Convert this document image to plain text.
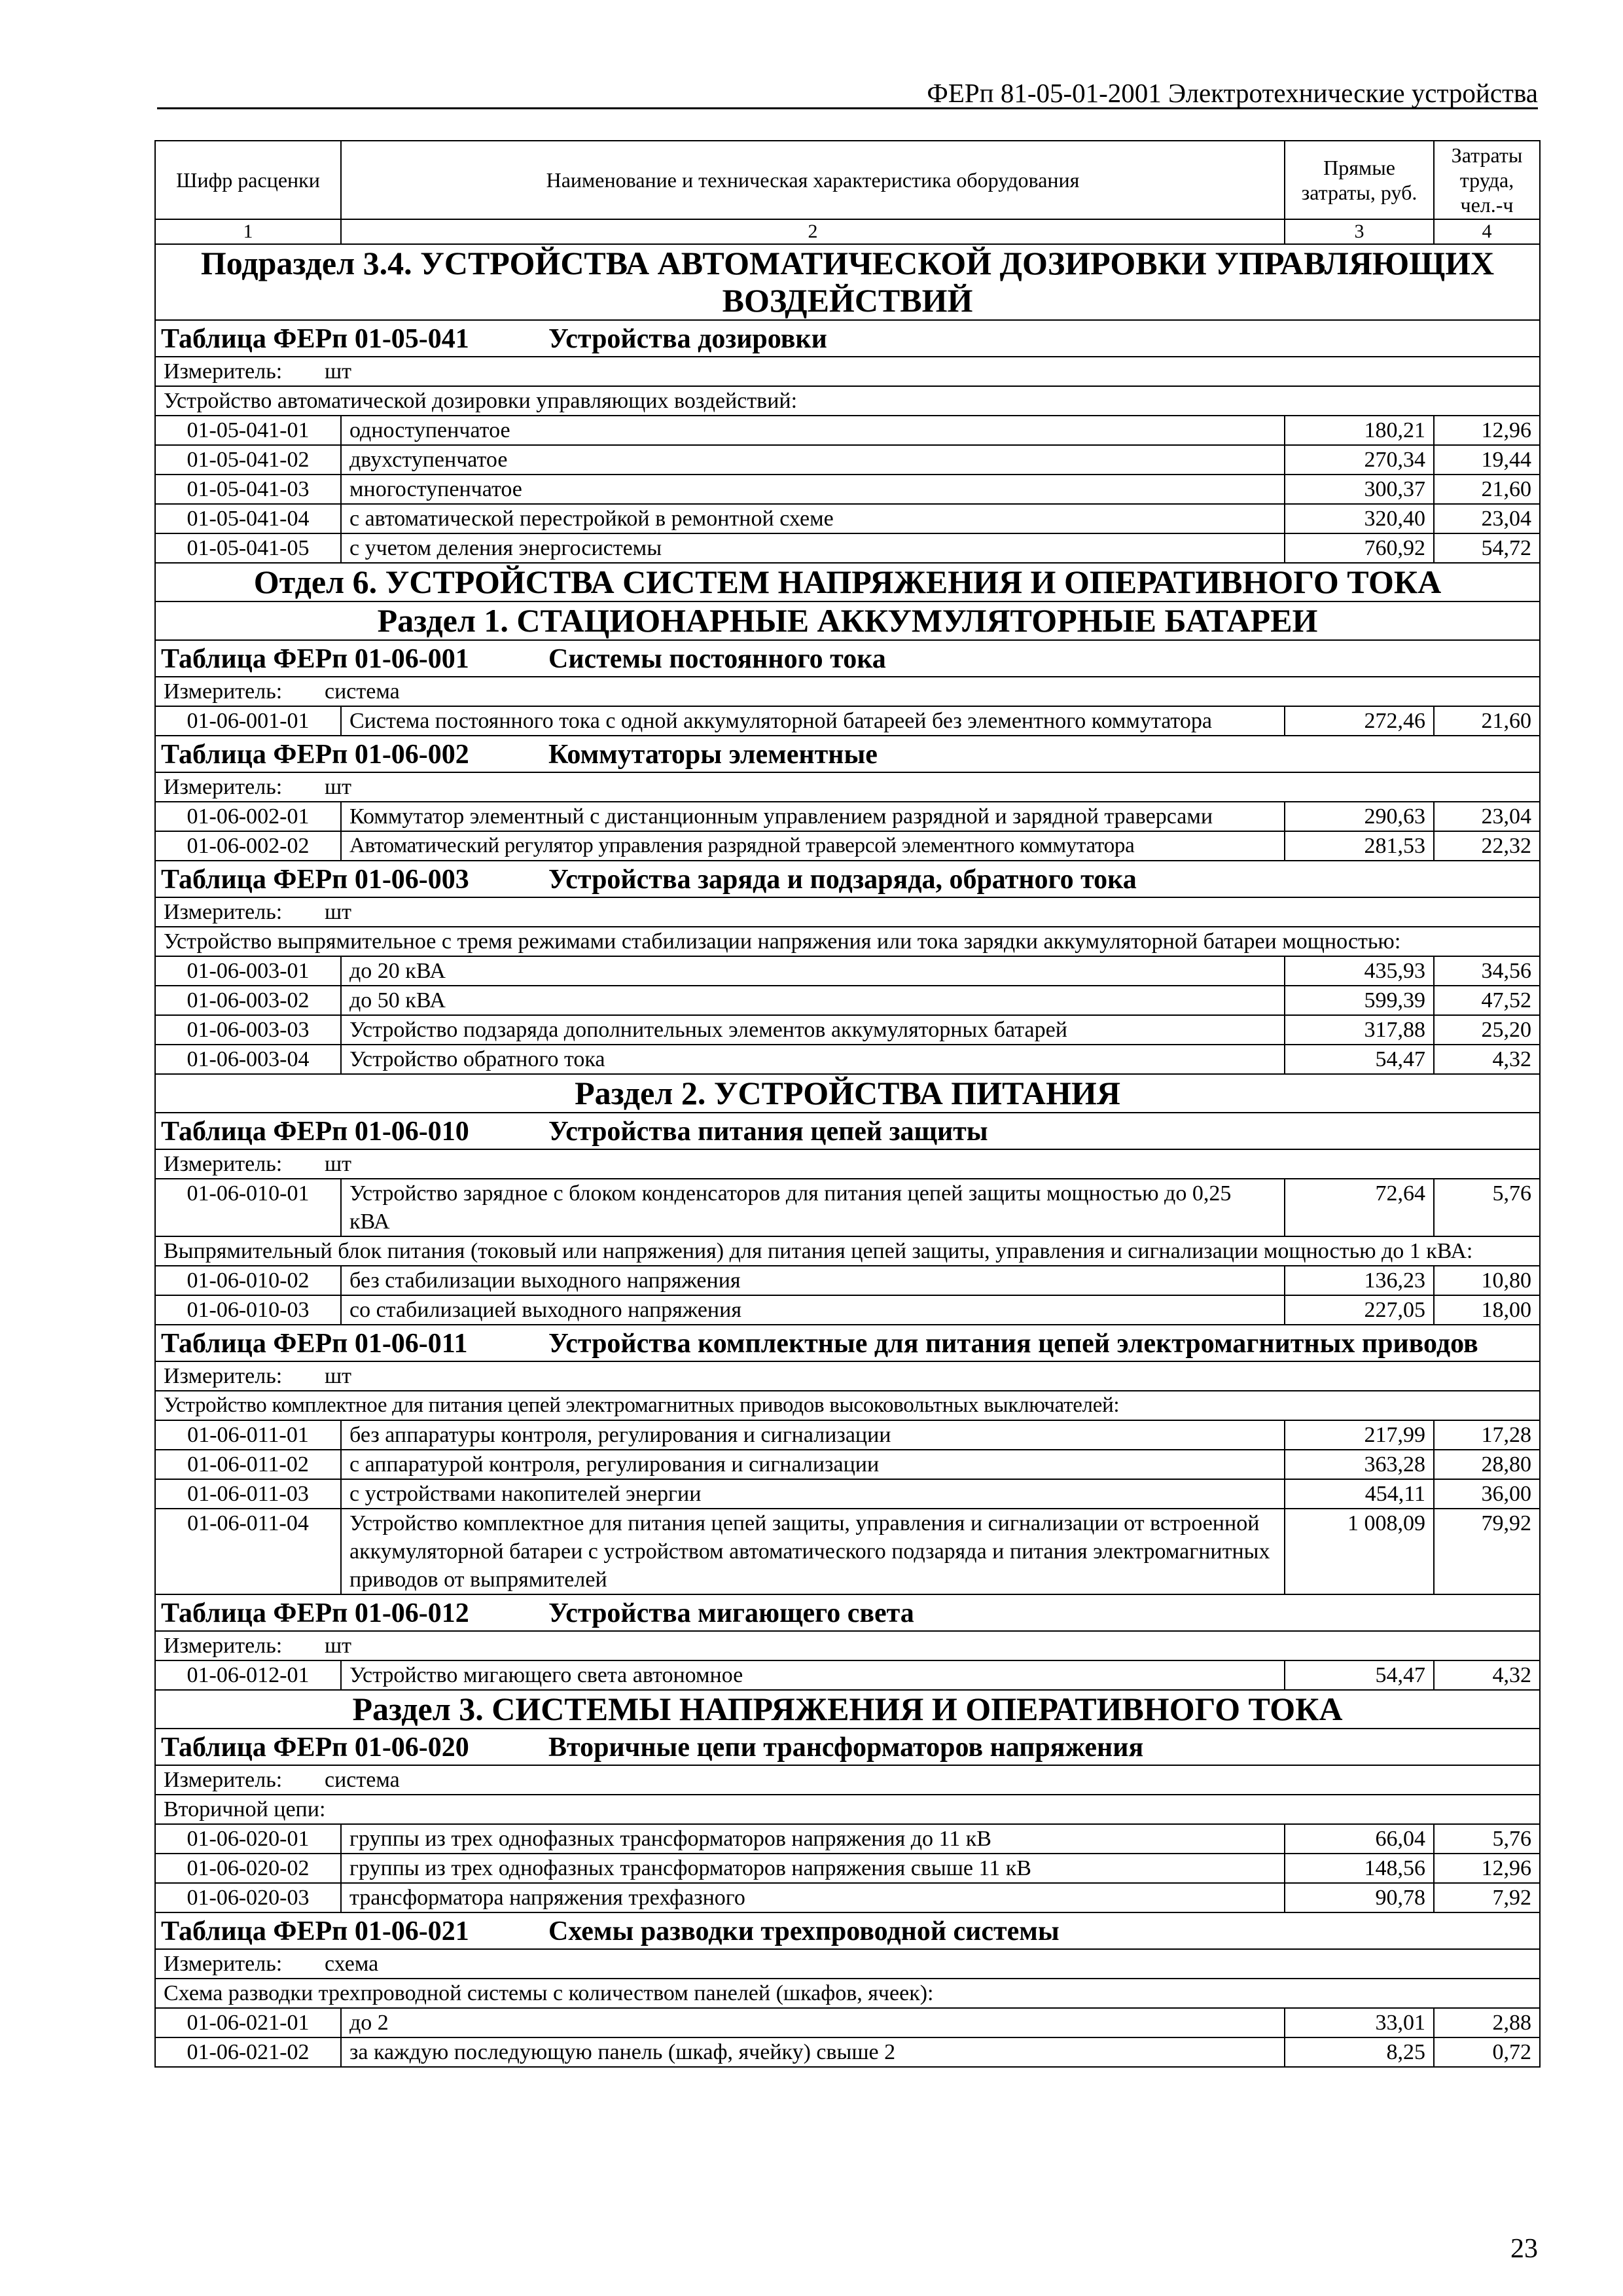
ФЕРп 81-05-01-2001 Электротехнические устройства
Шифр расценки	Наименование и техническая характеристика оборудования	Прямые затраты, руб.	Затраты труда, чел.-ч
1	2	3	4
Подраздел 3.4. УСТРОЙСТВА АВТОМАТИЧЕСКОЙ ДОЗИРОВКИ УПРАВЛЯЮЩИХ ВОЗДЕЙСТВИЙ			
Таблица ФЕРп 01-05-041 Устройства дозировки			
Измеритель: шт			
Устройство автоматической дозировки управляющих воздействий:			
01-05-041-01	одноступенчатое	180,21	12,96
01-05-041-02	двухступенчатое	270,34	19,44
01-05-041-03	многоступенчатое	300,37	21,60
01-05-041-04	с автоматической перестройкой в ремонтной схеме	320,40	23,04
01-05-041-05	с учетом деления энергосистемы	760,92	54,72
Отдел 6. УСТРОЙСТВА СИСТЕМ НАПРЯЖЕНИЯ И ОПЕРАТИВНОГО ТОКА			
Раздел 1. СТАЦИОНАРНЫЕ АККУМУЛЯТОРНЫЕ БАТАРЕИ			
Таблица ФЕРп 01-06-001 Системы постоянного тока			
Измеритель: система			
01-06-001-01	Система постоянного тока с одной аккумуляторной батареей без элементного коммутатора	272,46	21,60
Таблица ФЕРп 01-06-002 Коммутаторы элементные			
Измеритель: шт			
01-06-002-01	Коммутатор элементный с дистанционным управлением разрядной и зарядной траверсами	290,63	23,04
01-06-002-02	Автоматический регулятор управления разрядной траверсой элементного коммутатора	281,53	22,32
Таблица ФЕРп 01-06-003 Устройства заряда и подзаряда, обратного тока			
Измеритель: шт			
Устройство выпрямительное с тремя режимами стабилизации напряжения или тока зарядки аккумуляторной батареи мощностью:			
01-06-003-01	до 20 кВА	435,93	34,56
01-06-003-02	до 50 кВА	599,39	47,52
01-06-003-03	Устройство подзаряда дополнительных элементов аккумуляторных батарей	317,88	25,20
01-06-003-04	Устройство обратного тока	54,47	4,32
Раздел 2. УСТРОЙСТВА ПИТАНИЯ			
Таблица ФЕРп 01-06-010 Устройства питания цепей защиты			
Измеритель: шт			
01-06-010-01	Устройство зарядное с блоком конденсаторов для питания цепей защиты мощностью до 0,25 кВА	72,64	5,76
Выпрямительный блок питания (токовый или напряжения) для питания цепей защиты, управления и сигнализации мощностью до 1 кВА:			
01-06-010-02	без стабилизации выходного напряжения	136,23	10,80
01-06-010-03	со стабилизацией выходного напряжения	227,05	18,00
Таблица ФЕРп 01-06-011 Устройства комплектные для питания цепей электромагнитных приводов			
Измеритель: шт			
Устройство комплектное для питания цепей электромагнитных приводов высоковольтных выключателей:			
01-06-011-01	без аппаратуры контроля, регулирования и сигнализации	217,99	17,28
01-06-011-02	с аппаратурой контроля, регулирования и сигнализации	363,28	28,80
01-06-011-03	с устройствами накопителей энергии	454,11	36,00
01-06-011-04	Устройство комплектное для питания цепей защиты, управления и сигнализации от встроенной аккумуляторной батареи с устройством автоматического подзаряда и питания электромагнитных приводов от выпрямителей	1 008,09	79,92
Таблица ФЕРп 01-06-012 Устройства мигающего света			
Измеритель: шт			
01-06-012-01	Устройство мигающего света автономное	54,47	4,32
Раздел 3. СИСТЕМЫ НАПРЯЖЕНИЯ И ОПЕРАТИВНОГО ТОКА			
Таблица ФЕРп 01-06-020 Вторичные цепи трансформаторов напряжения			
Измеритель: система			
Вторичной цепи:			
01-06-020-01	группы из трех однофазных трансформаторов напряжения до 11 кВ	66,04	5,76
01-06-020-02	группы из трех однофазных трансформаторов напряжения свыше 11 кВ	148,56	12,96
01-06-020-03	трансформатора напряжения трехфазного	90,78	7,92
Таблица ФЕРп 01-06-021 Схемы разводки трехпроводной системы			
Измеритель: схема			
Схема разводки трехпроводной системы с количеством панелей (шкафов, ячеек):			
01-06-021-01	до 2	33,01	2,88
01-06-021-02	за каждую последующую панель (шкаф, ячейку) свыше 2	8,25	0,72
23
